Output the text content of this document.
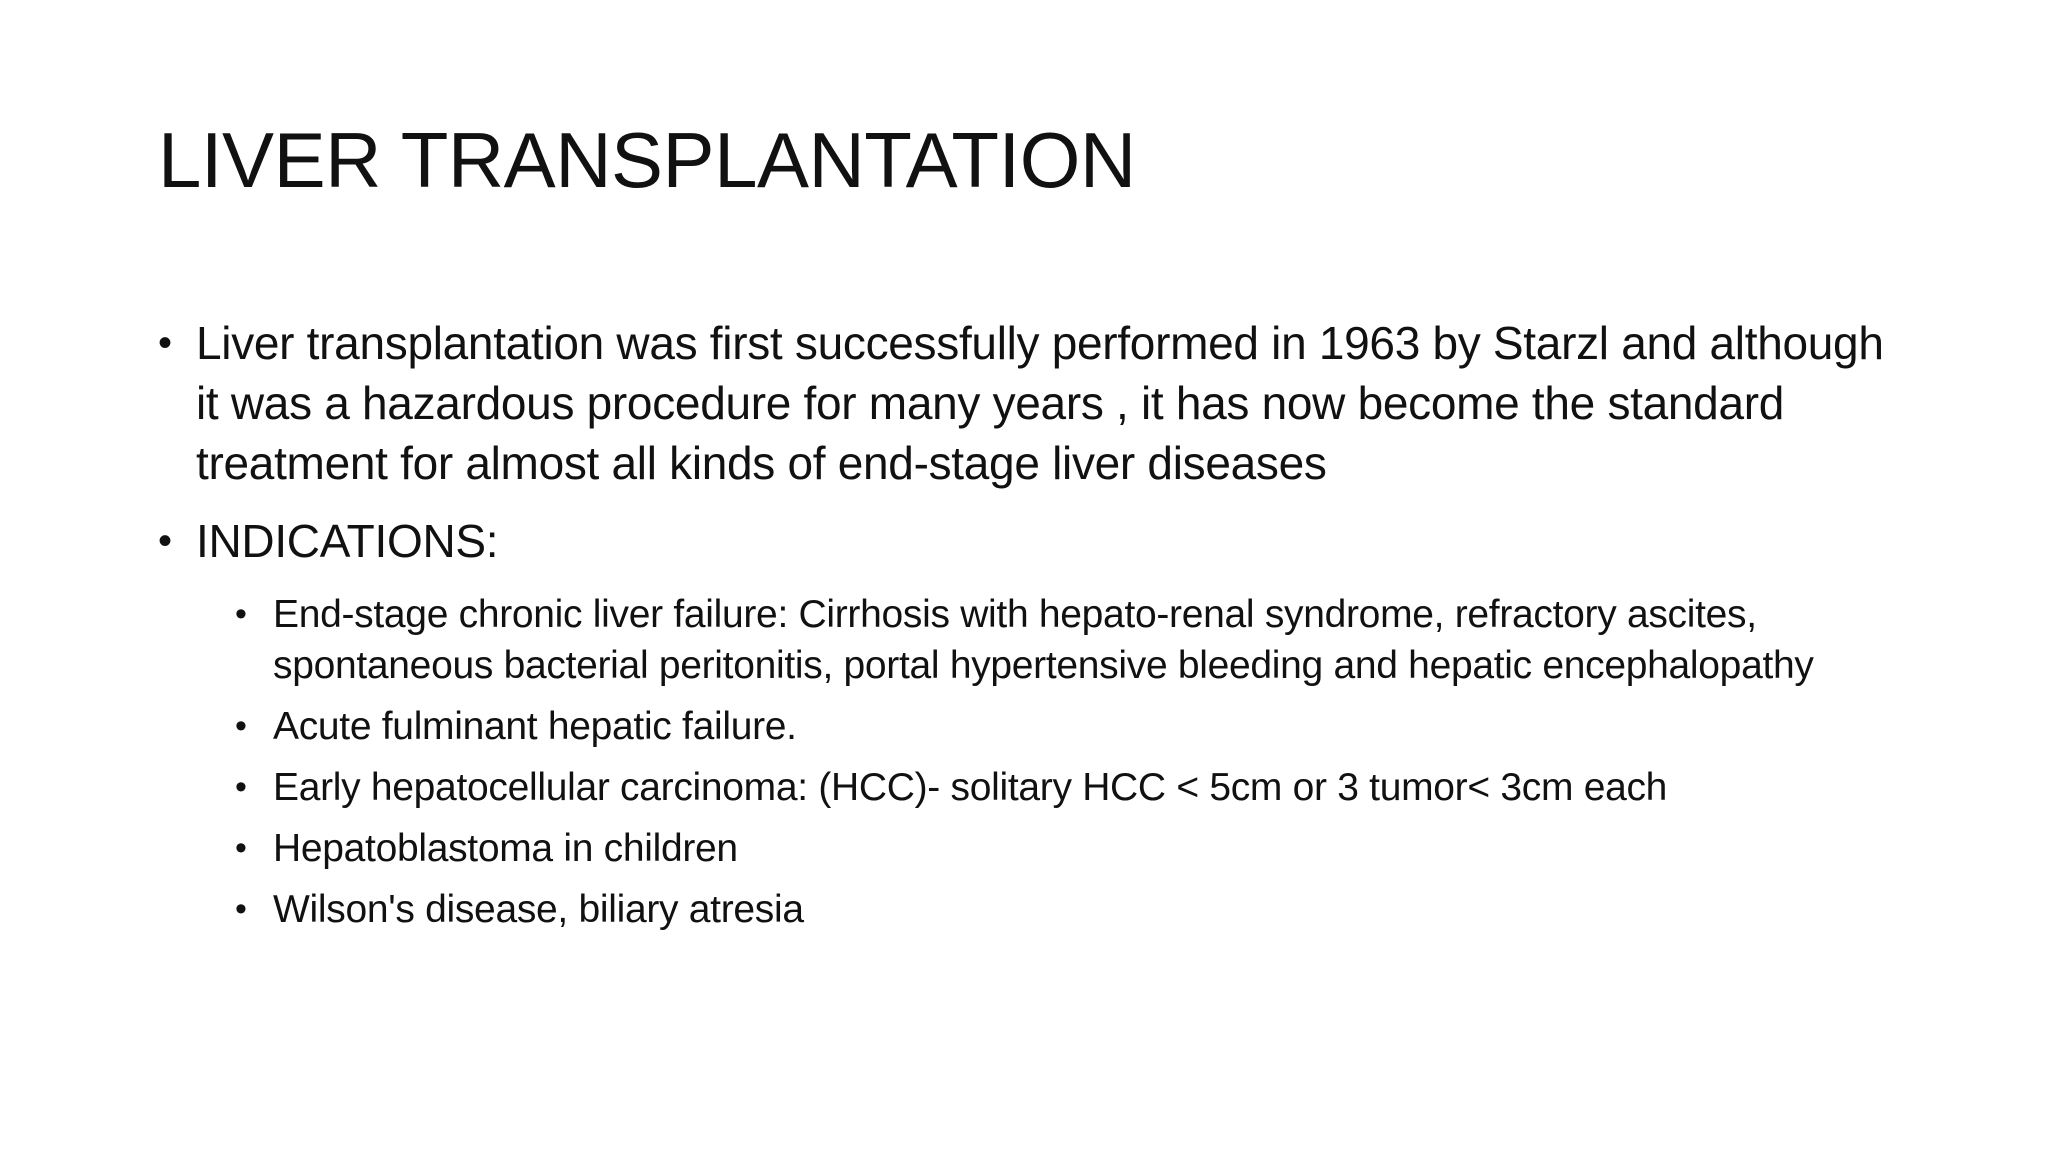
LIVER TRANSPLANTATION

• Liver transplantation was first successfully performed in 1963 by Starzl and although it was a hazardous procedure for many years , it has now become the standard treatment for almost all kinds of end-stage liver diseases

• INDICATIONS:

• End-stage chronic liver failure: Cirrhosis with hepato-renal syndrome, refractory ascites, spontaneous bacterial peritonitis, portal hypertensive bleeding and hepatic encephalopathy

• Acute fulminant hepatic failure.

• Early hepatocellular carcinoma: (HCC)- solitary HCC < 5cm or 3 tumor< 3cm each

• Hepatoblastoma in children

• Wilson's disease, biliary atresia
